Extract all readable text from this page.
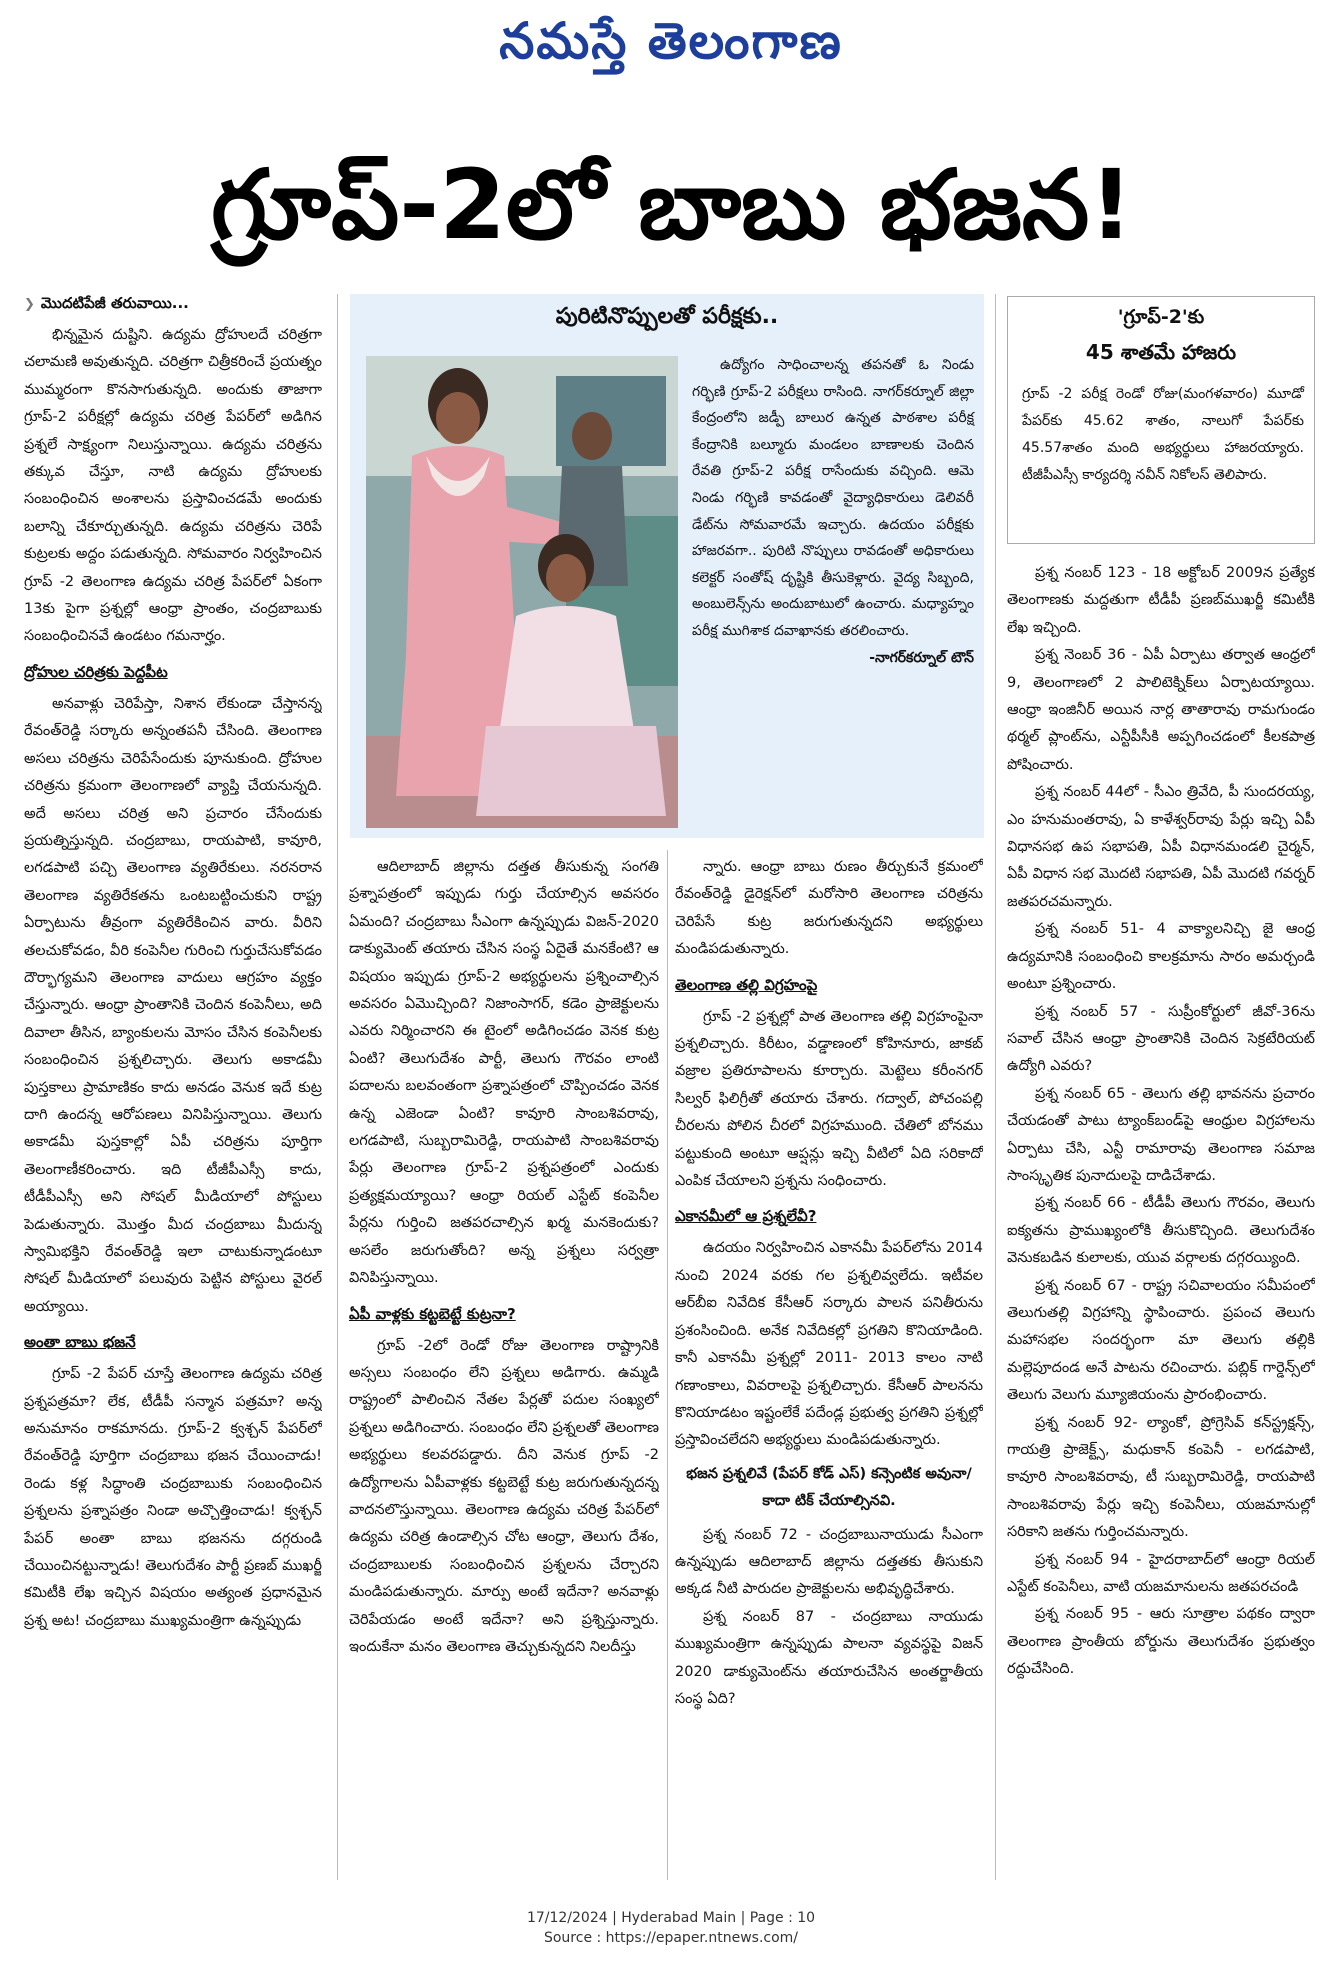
నమస్తే తెలంగాణ
గ్రూప్-2లో బాబు భజన!
❯ మొదటిపేజీ తరువాయి...

భిన్నమైన దుష్టిని. ఉద్యమ ద్రోహులదే చరిత్రగా చలామణి అవుతున్నది. చరిత్రగా చిత్రీకరించే ప్రయత్నం ముమ్మరంగా కొనసాగుతున్నది. అందుకు తాజాగా గ్రూప్-2 పరీక్షల్లో ఉద్యమ చరిత్ర పేపర్‌లో అడిగిన ప్రశ్నలే సాక్ష్యంగా నిలుస్తున్నాయి. ఉద్యమ చరిత్రను తక్కువ చేస్తూ, నాటి ఉద్యమ ద్రోహులకు సంబంధించిన అంశాలను ప్రస్తావించడమే అందుకు బలాన్ని చేకూర్చుతున్నది. ఉద్యమ చరిత్రను చెరిపే కుట్రలకు అద్దం పడుతున్నది. సోమవారం నిర్వహించిన గ్రూప్ -2 తెలంగాణ ఉద్యమ చరిత్ర పేపర్‌లో ఏకంగా 13కు పైగా ప్రశ్నల్లో ఆంధ్రా ప్రాంతం, చంద్రబాబుకు సంబంధించినవే ఉండటం గమనార్హం.

ద్రోహుల చరిత్రకు పెద్దపీట

అనవాళ్లు చెరిపేస్తా, నిశాన లేకుండా చేస్తానన్న రేవంత్‌రెడ్డి సర్కారు అన్నంతపనీ చేసింది. తెలంగాణ అసలు చరిత్రను చెరిపేసేందుకు పూనుకుంది. ద్రోహుల చరిత్రను క్రమంగా తెలంగాణలో వ్యాప్తి చేయనున్నది. అదే అసలు చరిత్ర అని ప్రచారం చేసేందుకు ప్రయత్నిస్తున్నది. చంద్రబాబు, రాయపాటి, కావూరి, లగడపాటి పచ్చి తెలంగాణ వ్యతిరేకులు. నరనరాన తెలంగాణ వ్యతిరేకతను ఒంటబట్టించుకుని రాష్ట్ర ఏర్పాటును తీవ్రంగా వ్యతిరేకించిన వారు. వీరిని తలచుకోవడం, వీరి కంపెనీల గురించి గుర్తుచేసుకోవడం దౌర్భాగ్యమని తెలంగాణ వాదులు ఆగ్రహం వ్యక్తం చేస్తున్నారు. ఆంధ్రా ప్రాంతానికి చెందిన కంపెనీలు, అది దివాలా తీసిన, బ్యాంకులను మోసం చేసిన కంపెనీలకు సంబంధించిన ప్రశ్నలిచ్చారు. తెలుగు అకాడమీ పుస్తకాలు ప్రామాణికం కాదు అనడం వెనుక ఇదే కుట్ర దాగి ఉందన్న ఆరోపణలు వినిపిస్తున్నాయి. తెలుగు అకాడమీ పుస్తకాల్లో ఏపీ చరిత్రను పూర్తిగా తెలంగాణీకరించారు. ఇది టీజీపీఎస్సీ కాదు, టీడీపీఎస్సీ అని సోషల్ మీడియాలో పోస్టులు పెడుతున్నారు. మొత్తం మీద చంద్రబాబు మీదున్న స్వామిభక్తిని రేవంత్‌రెడ్డి ఇలా చాటుకున్నాడంటూ సోషల్ మీడియాలో పలువురు పెట్టిన పోస్టులు వైరల్ అయ్యాయి.

అంతా బాబు భజనే

గ్రూప్ -2 పేపర్ చూస్తే తెలంగాణ ఉద్యమ చరిత్ర ప్రశ్నపత్రమా? లేక, టీడీపీ సన్మాన పత్రమా? అన్న అనుమానం రాకమానదు. గ్రూప్-2 క్వశ్చన్ పేపర్‌లో రేవంత్‌రెడ్డి పూర్తిగా చంద్రబాబు భజన చేయించాడు! రెండు కళ్ల సిద్ధాంతి చంద్రబాబుకు సంబంధించిన ప్రశ్నలను ప్రశ్నాపత్రం నిండా అచ్చొత్తించాడు! క్వశ్చన్ పేపర్ అంతా బాబు భజనను దగ్గరుండి చేయించినట్టున్నాడు! తెలుగుదేశం పార్టీ ప్రణబ్ ముఖర్జీ కమిటీకి లేఖ ఇచ్చిన విషయం అత్యంత ప్రధానమైన ప్రశ్న అట! చంద్రబాబు ముఖ్యమంత్రిగా ఉన్నప్పుడు

పురిటినొప్పులతో పరీక్షకు..

ఉద్యోగం సాధించాలన్న తపనతో ఓ నిండు గర్భిణి గ్రూప్-2 పరీక్షలు రాసింది. నాగర్‌కర్నూల్ జిల్లా కేంద్రంలోని జడ్పీ బాలుర ఉన్నత పాఠశాల పరీక్ష కేంద్రానికి బల్మూరు మండలం బాణాలకు చెందిన రేవతి గ్రూప్-2 పరీక్ష రాసేందుకు వచ్చింది. ఆమె నిండు గర్భిణి కావడంతో వైద్యాధికారులు డెలివరీ డేట్‌ను సోమవారమే ఇచ్చారు. ఉదయం పరీక్షకు హాజరవగా.. పురిటి నొప్పులు రావడంతో అధికారులు కలెక్టర్ సంతోష్ దృష్టికి తీసుకెళ్లారు. వైద్య సిబ్బంది, అంబులెన్స్‌ను అందుబాటులో ఉంచారు. మధ్యాహ్నం పరీక్ష ముగిశాక దవాఖానకు తరలించారు.

-నాగర్‌కర్నూల్ టౌన్
'గ్రూప్-2'కు
45 శాతమే హాజరు
గ్రూప్ -2 పరీక్ష రెండో రోజు(మంగళవారం) మూడో పేపర్‌కు 45.62 శాతం, నాలుగో పేపర్‌కు 45.57శాతం మంది అభ్యర్థులు హాజరయ్యారు. టీజీపీఎస్సీ కార్యదర్శి నవీన్ నికోలస్ తెలిపారు.

ఆదిలాబాద్ జిల్లాను దత్తత తీసుకున్న సంగతి ప్రశ్నాపత్రంలో ఇప్పుడు గుర్తు చేయాల్సిన అవసరం ఏమంది? చంద్రబాబు సీఎంగా ఉన్నప్పుడు విజన్-2020 డాక్యుమెంట్ తయారు చేసిన సంస్థ ఏదైతే మనకేంటి? ఆ విషయం ఇప్పుడు గ్రూప్-2 అభ్యర్థులను ప్రశ్నించాల్సిన అవసరం ఏమొచ్చింది? నిజాంసాగర్, కడెం ప్రాజెక్టులను ఎవరు నిర్మించారని ఈ టైంలో అడిగించడం వెనక కుట్ర ఏంటి? తెలుగుదేశం పార్టీ, తెలుగు గౌరవం లాంటి పదాలను బలవంతంగా ప్రశ్నాపత్రంలో చొప్పించడం వెనక ఉన్న ఎజెండా ఏంటి? కావూరి సాంబశివరావు, లగడపాటి, సుబ్బరామిరెడ్డి, రాయపాటి సాంబశివరావు పేర్లు తెలంగాణ గ్రూప్-2 ప్రశ్నపత్రంలో ఎందుకు ప్రత్యక్షమయ్యాయి? ఆంధ్రా రియల్ ఎస్టేట్ కంపెనీల పేర్లను గుర్తించి జతపరచాల్సిన ఖర్మ మనకెందుకు? అసలేం జరుగుతోంది? అన్న ప్రశ్నలు సర్వత్రా వినిపిస్తున్నాయి.

ఏపీ వాళ్లకు కట్టబెట్టే కుట్రనా?

గ్రూప్ -2లో రెండో రోజు తెలంగాణ రాష్ట్రానికి అస్సలు సంబంధం లేని ప్రశ్నలు అడిగారు. ఉమ్మడి రాష్ట్రంలో పాలించిన నేతల పేర్లతో పదుల సంఖ్యలో ప్రశ్నలు అడిగించారు. సంబంధం లేని ప్రశ్నలతో తెలంగాణ అభ్యర్థులు కలవరపడ్డారు. దీని వెనుక గ్రూప్ -2 ఉద్యోగాలను ఏపీవాళ్లకు కట్టబెట్టే కుట్ర జరుగుతున్నదన్న వాదనలొస్తున్నాయి. తెలంగాణ ఉద్యమ చరిత్ర పేపర్‌లో ఉద్యమ చరిత్ర ఉండాల్సిన చోట ఆంధ్రా, తెలుగు దేశం, చంద్రబాబులకు సంబంధించిన ప్రశ్నలను చేర్చారని మండిపడుతున్నారు. మార్పు అంటే ఇదేనా? అనవాళ్లు చెరిపేయడం అంటే ఇదేనా? అని ప్రశ్నిస్తున్నారు. ఇందుకేనా మనం తెలంగాణ తెచ్చుకున్నదని నిలదీస్తు

న్నారు. ఆంధ్రా బాబు రుణం తీర్చుకునే క్రమంలో రేవంత్‌రెడ్డి డైరెక్షన్‌లో మరోసారి తెలంగాణ చరిత్రను చెరిపేసే కుట్ర జరుగుతున్నదని అభ్యర్థులు మండిపడుతున్నారు.

తెలంగాణ తల్లి విగ్రహంపై

గ్రూప్ -2 ప్రశ్నల్లో పాత తెలంగాణ తల్లి విగ్రహంపైనా ప్రశ్నలిచ్చారు. కిరీటం, వడ్డాణంలో కోహినూరు, జాకబ్ వజ్రాల ప్రతిరూపాలను కూర్చారు. మెట్టెలు కరీంనగర్ సిల్వర్ ఫిలిగ్రీతో తయారు చేశారు. గద్వాల్, పోచంపల్లి చీరలను పోలిన చీరలో విగ్రహముంది. చేతిలో బోనము పట్టుకుంది అంటూ ఆప్షన్లు ఇచ్చి వీటిలో ఏది సరికాదో ఎంపిక చేయాలని ప్రశ్నను సంధించారు.

ఎకానమీలో ఆ ప్రశ్నలేవీ?

ఉదయం నిర్వహించిన ఎకానమీ పేపర్‌లోను 2014 నుంచి 2024 వరకు గల ప్రశ్నలివ్వలేదు. ఇటీవల ఆర్‌బీఐ నివేదిక కేసీఆర్ సర్కారు పాలన పనితీరును ప్రశంసించింది. అనేక నివేదికల్లో ప్రగతిని కొనియాడింది. కానీ ఎకానమీ ప్రశ్నల్లో 2011- 2013 కాలం నాటి గణాంకాలు, వివరాలపై ప్రశ్నలిచ్చారు. కేసీఆర్ పాలనను కొనియాడటం ఇష్టంలేకే పదేండ్ల ప్రభుత్వ ప్రగతిని ప్రశ్నల్లో ప్రస్తావించలేదని అభ్యర్థులు మండిపడుతున్నారు.

భజన ప్రశ్నలివే (పేపర్ కోడ్ ఎస్) కన్సెంటిక అవునా/కాదా టిక్ చేయాల్సినవి.

ప్రశ్న నంబర్ 72 - చంద్రబాబునాయుడు సీఎంగా ఉన్నప్పుడు ఆదిలాబాద్ జిల్లాను దత్తతకు తీసుకుని అక్కడ నీటి పారుదల ప్రాజెక్టులను అభివృద్ధిచేశారు.

ప్రశ్న నంబర్ 87 - చంద్రబాబు నాయుడు ముఖ్యమంత్రిగా ఉన్నప్పుడు పాలనా వ్యవస్థపై విజన్ 2020 డాక్యుమెంట్‌ను తయారుచేసిన అంతర్జాతీయ సంస్థ ఏది?

ప్రశ్న నంబర్ 123 - 18 అక్టోబర్ 2009న ప్రత్యేక తెలంగాణకు మద్దతుగా టీడీపీ ప్రణబ్‌ముఖర్జీ కమిటీకి లేఖ ఇచ్చింది.

ప్రశ్న నెంబర్ 36 - ఏపీ ఏర్పాటు తర్వాత ఆంధ్రలో 9, తెలంగాణలో 2 పాలిటెక్నిక్‌లు ఏర్పాటయ్యాయి. ఆంధ్రా ఇంజినీర్ అయిన నార్ల తాతారావు రామగుండం థర్మల్ ప్లాంట్‌ను, ఎన్టీపీసీకి అప్పగించడంలో కీలకపాత్ర పోషించారు.

ప్రశ్న నంబర్ 44లో - సీఎం త్రివేది, పీ సుందరయ్య, ఎం హనుమంతరావు, ఏ కాళేశ్వర్‌రావు పేర్లు ఇచ్చి ఏపీ విధానసభ ఉప సభాపతి, ఏపీ విధానమండలి చైర్మన్, ఏపీ విధాన సభ మొదటి సభాపతి, ఏపీ మొదటి గవర్నర్ జతపరచమన్నారు.

ప్రశ్న నంబర్ 51- 4 వాక్యాలనిచ్చి జై ఆంధ్ర ఉద్యమానికి సంబంధించి కాలక్రమాను సారం అమర్చండి అంటూ ప్రశ్నించారు.

ప్రశ్న నంబర్ 57 - సుప్రీంకోర్టులో జీవో-36ను సవాల్ చేసిన ఆంధ్రా ప్రాంతానికి చెందిన సెక్రటేరియట్ ఉద్యోగి ఎవరు?

ప్రశ్న నంబర్ 65 - తెలుగు తల్లి భావనను ప్రచారం చేయడంతో పాటు ట్యాంక్‌బండ్‌పై ఆంధ్రుల విగ్రహాలను ఏర్పాటు చేసి, ఎన్టీ రామారావు తెలంగాణ సమాజ సాంస్కృతిక పునాదులపై దాడిచేశాడు.

ప్రశ్న నంబర్ 66 - టీడీపీ తెలుగు గౌరవం, తెలుగు ఐక్యతను ప్రాముఖ్యంలోకి తీసుకొచ్చింది. తెలుగుదేశం వెనుకబడిన కులాలకు, యువ వర్గాలకు దగ్గరయ్యింది.

ప్రశ్న నంబర్ 67 - రాష్ట్ర సచివాలయం సమీపంలో తెలుగుతల్లి విగ్రహాన్ని స్థాపించారు. ప్రపంచ తెలుగు మహాసభల సందర్భంగా మా తెలుగు తల్లికి మల్లెపూదండ అనే పాటను రచించారు. పబ్లిక్ గార్డెన్స్‌లో తెలుగు వెలుగు మ్యూజియంను ప్రారంభించారు.

ప్రశ్న నంబర్ 92- ల్యాంకో, ప్రోగ్రెసివ్ కన్‌స్ట్రక్షన్స్, గాయత్రి ప్రాజెక్ట్స్, మధుకాన్ కంపెనీ - లగడపాటి, కావూరి సాంబశివరావు, టీ సుబ్బరామిరెడ్డి, రాయపాటి సాంబశివరావు పేర్లు ఇచ్చి కంపెనీలు, యజమానుల్లో సరికాని జతను గుర్తించమన్నారు.

ప్రశ్న నంబర్ 94 - హైదరాబాద్‌లో ఆంధ్రా రియల్ ఎస్టేట్ కంపెనీలు, వాటి యజమానులను జతపరచండి

ప్రశ్న నంబర్ 95 - ఆరు సూత్రాల పథకం ద్వారా తెలంగాణ ప్రాంతీయ బోర్డును తెలుగుదేశం ప్రభుత్వం రద్దుచేసింది.

17/12/2024 | Hyderabad Main | Page : 10
Source : https://epaper.ntnews.com/
